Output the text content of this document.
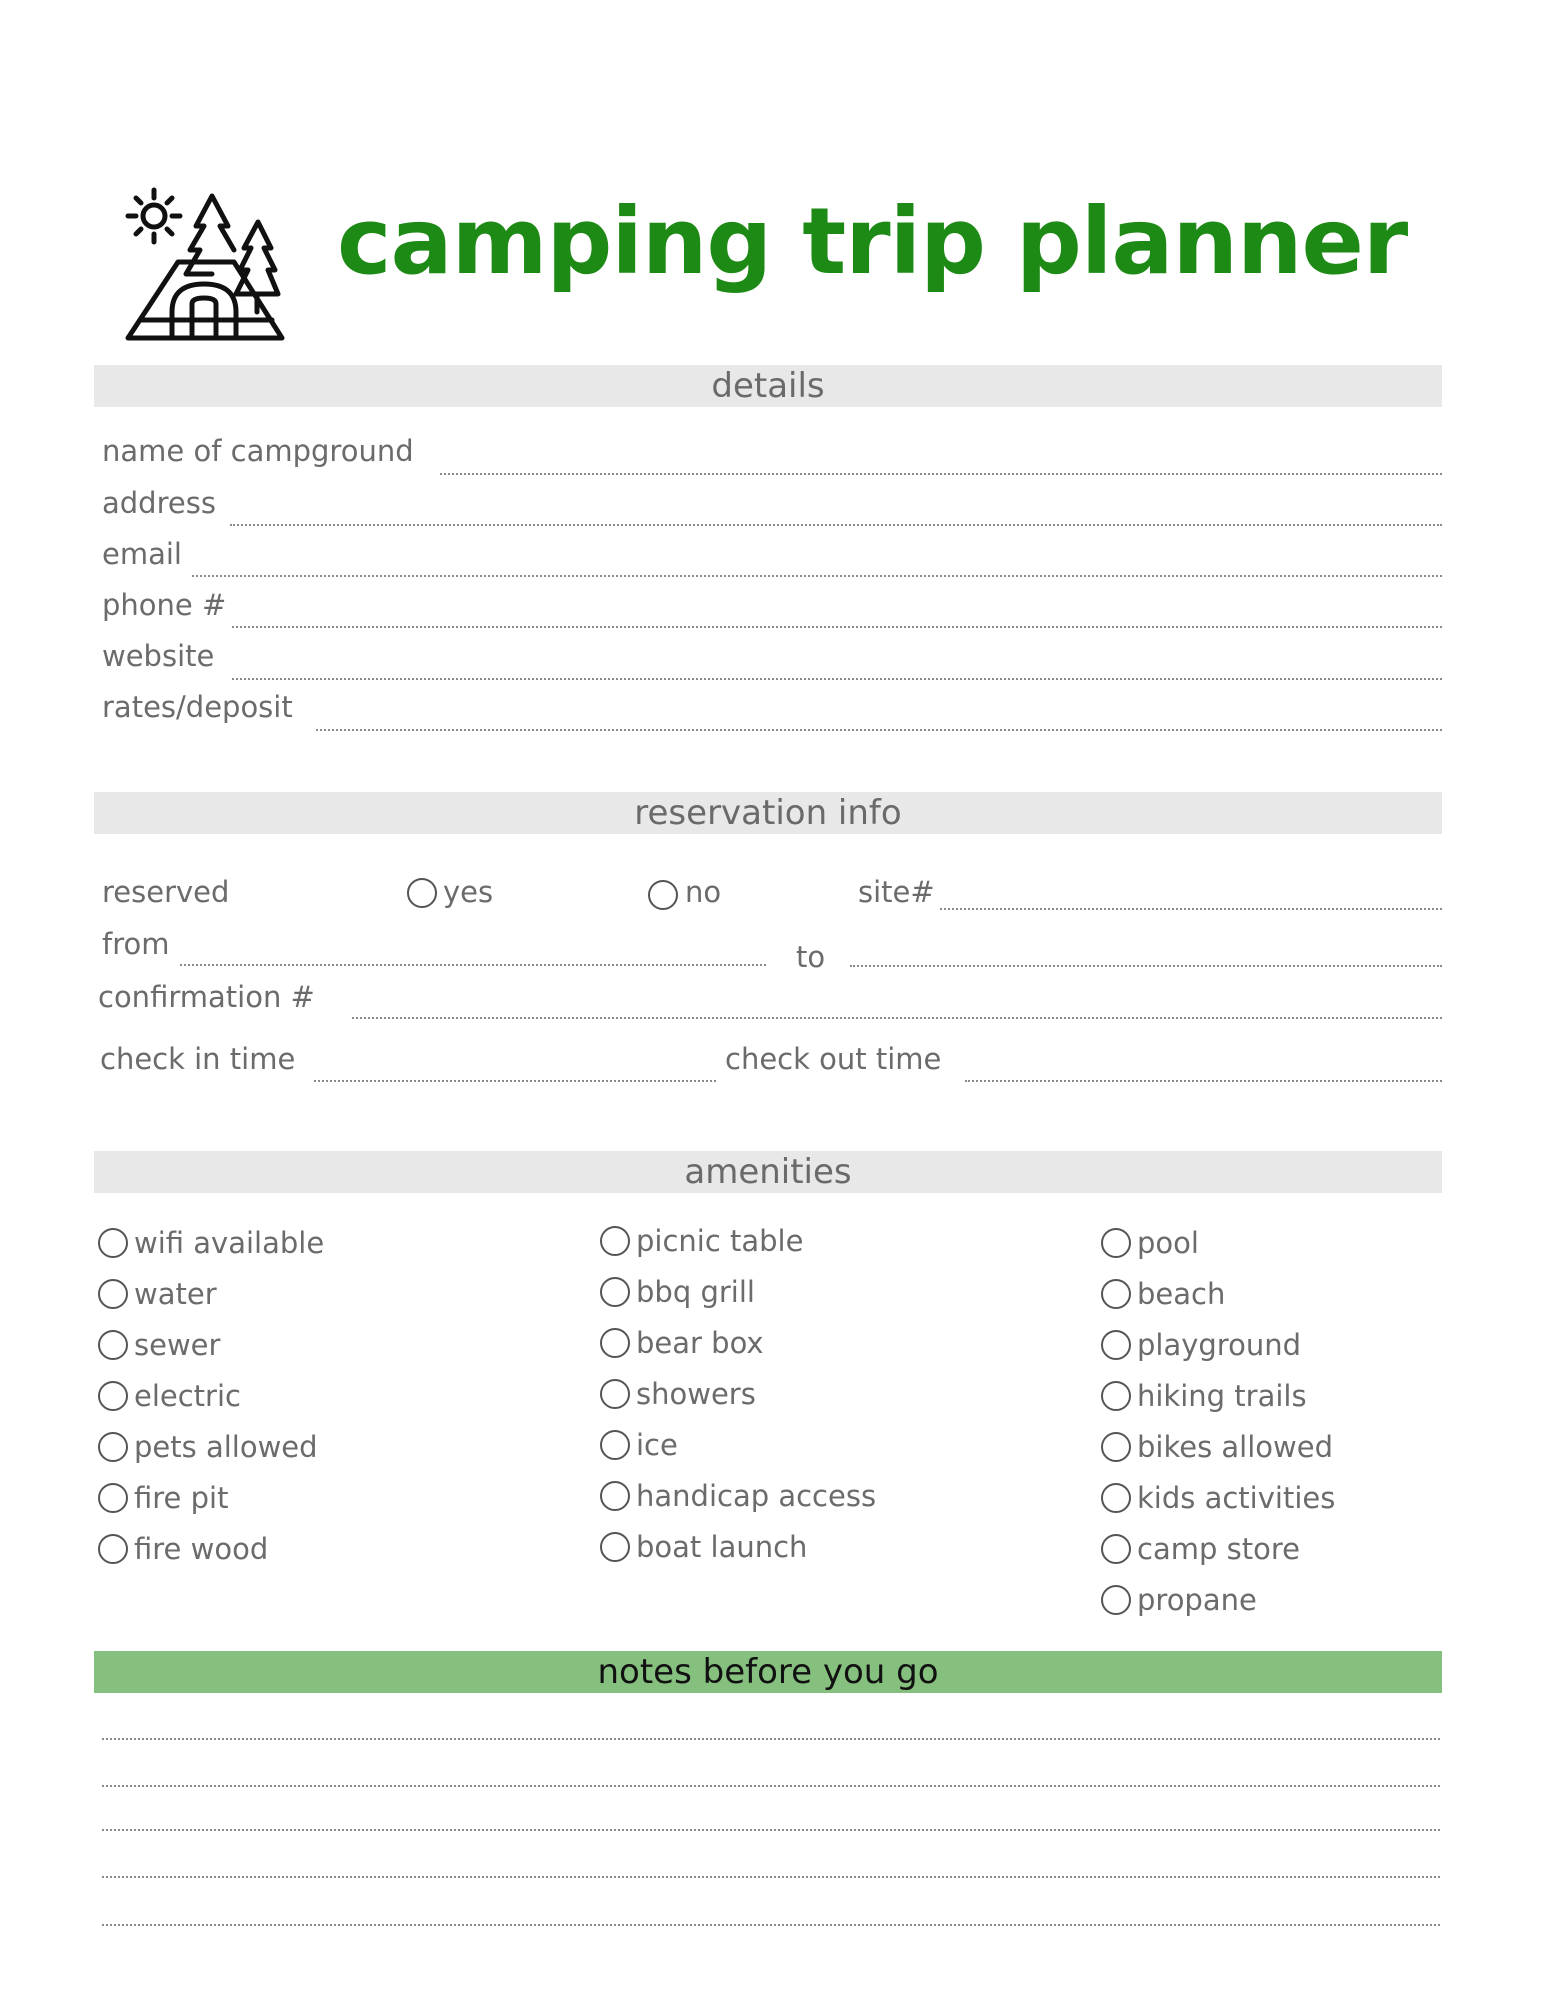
camping trip planner
details
name of campground
address
email
phone #
website
rates/deposit
reservation info
reserved	yes	no	site#
from	to
confirmation #
check in time	check out time
amenities
wifi available
water
sewer
electric
pets allowed
fire pit
fire wood
picnic table
bbq grill
bear box
showers
ice
handicap access
boat launch
pool
beach
playground
hiking trails
bikes allowed
kids activities
camp store
propane
notes before you go
